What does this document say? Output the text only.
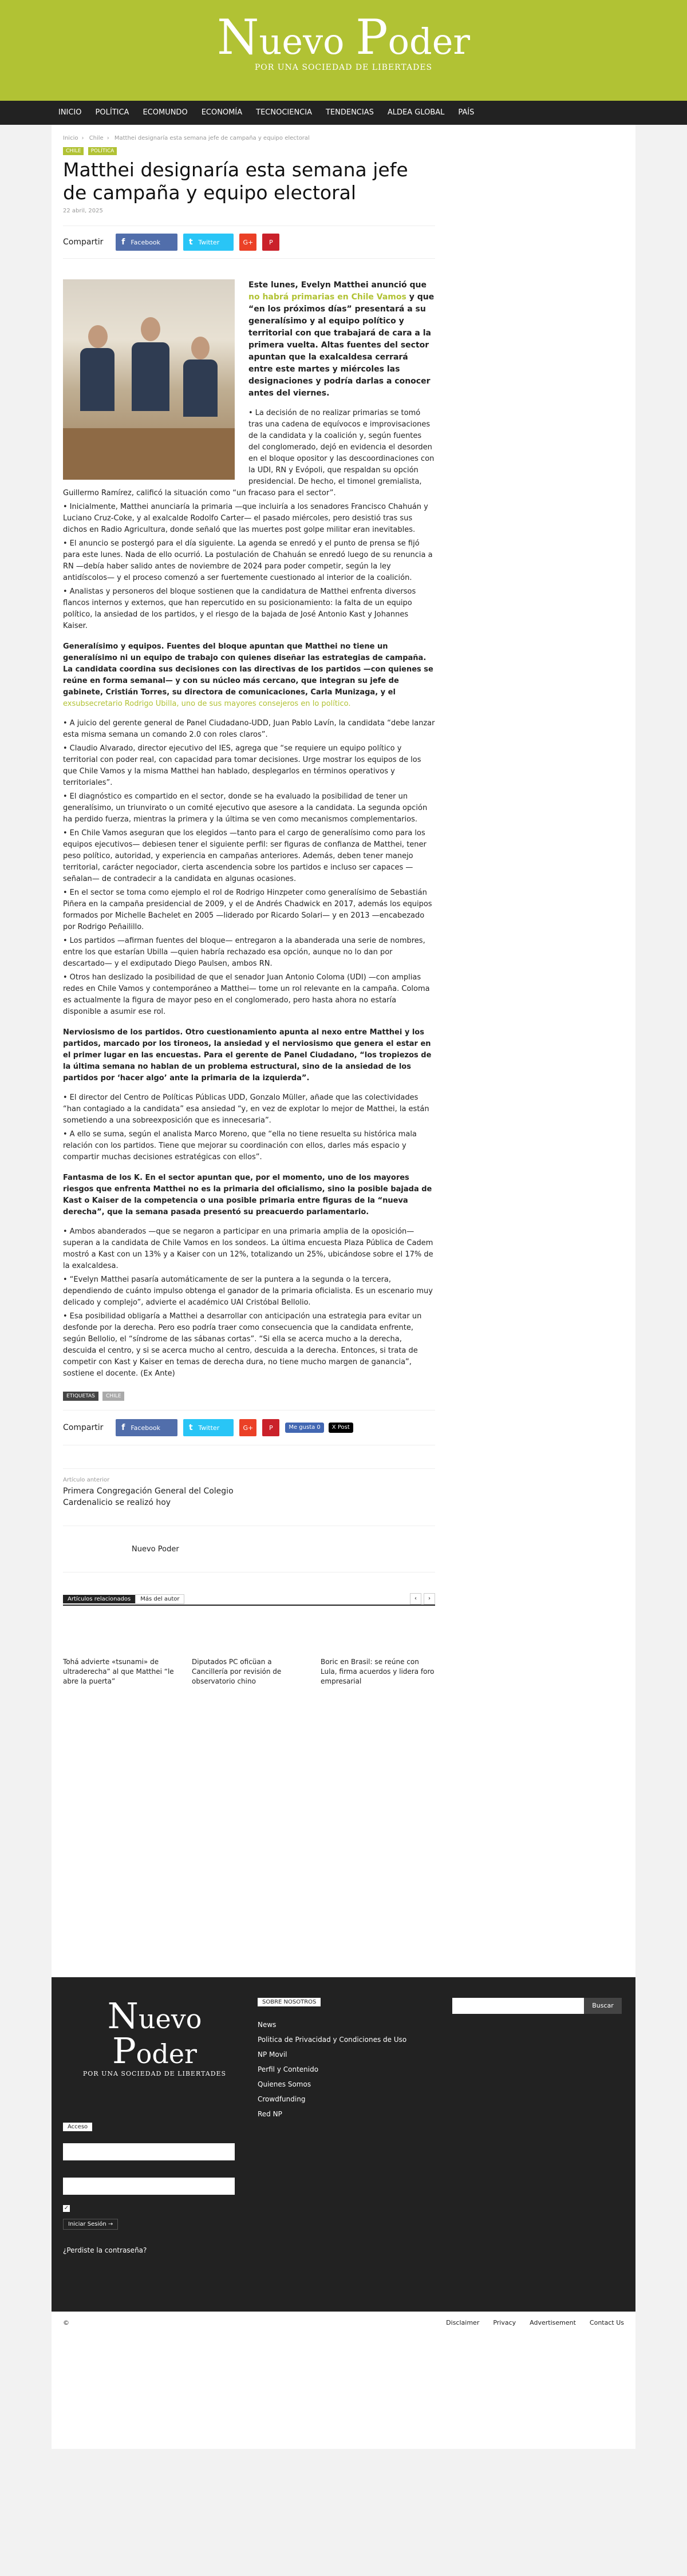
Nuevo Poder
POR UNA SOCIEDAD DE LIBERTADES
INICIO	POLÍTICA	ECOMUNDO	ECONOMÍA	TECNOCIENCIA	TENDENCIAS	ALDEA GLOBAL	PAÍS
Inicio › Chile › Matthei designaría esta semana jefe de campaña y equipo electoral
CHILE POLÍTICA
Matthei designaría esta semana jefe de campaña y equipo electoral
22 abril, 2025
Compartir	f Facebook	t Twitter	G+	P

Este lunes, Evelyn Matthei anunció que no habrá primarias en Chile Vamos y que “en los próximos días” presentará a su generalísimo y al equipo político y territorial con que trabajará de cara a la primera vuelta. Altas fuentes del sector apuntan que la exalcaldesa cerrará entre este martes y miércoles las designaciones y podría darlas a conocer antes del viernes.

• La decisión de no realizar primarias se tomó tras una cadena de equívocos e improvisaciones de la candidata y la coalición y, según fuentes del conglomerado, dejó en evidencia el desorden en el bloque opositor y las descoordinaciones con la UDI, RN y Evópoli, que respaldan su opción presidencial. De hecho, el timonel gremialista, Guillermo Ramírez, calificó la situación como “un fracaso para el sector”.
• Inicialmente, Matthei anunciaría la primaria —que incluiría a los senadores Francisco Chahuán y Luciano Cruz-Coke, y al exalcalde Rodolfo Carter— el pasado miércoles, pero desistió tras sus dichos en Radio Agricultura, donde señaló que las muertes post golpe militar eran inevitables.
• El anuncio se postergó para el día siguiente. La agenda se enredó y el punto de prensa se fijó para este lunes. Nada de ello ocurrió. La postulación de Chahuán se enredó luego de su renuncia a RN —debía haber salido antes de noviembre de 2024 para poder competir, según la ley antidíscolos— y el proceso comenzó a ser fuertemente cuestionado al interior de la coalición.
• Analistas y personeros del bloque sostienen que la candidatura de Matthei enfrenta diversos flancos internos y externos, que han repercutido en su posicionamiento: la falta de un equipo político, la ansiedad de los partidos, y el riesgo de la bajada de José Antonio Kast y Johannes Kaiser.

Generalísimo y equipos. Fuentes del bloque apuntan que Matthei no tiene un generalísimo ni un equipo de trabajo con quienes diseñar las estrategias de campaña. La candidata coordina sus decisiones con las directivas de los partidos —con quienes se reúne en forma semanal— y con su núcleo más cercano, que integran su jefe de gabinete, Cristián Torres, su directora de comunicaciones, Carla Munizaga, y el exsubsecretario Rodrigo Ubilla, uno de sus mayores consejeros en lo político.

• A juicio del gerente general de Panel Ciudadano-UDD, Juan Pablo Lavín, la candidata “debe lanzar esta misma semana un comando 2.0 con roles claros”.
• Claudio Alvarado, director ejecutivo del IES, agrega que “se requiere un equipo político y territorial con poder real, con capacidad para tomar decisiones. Urge mostrar los equipos de los que Chile Vamos y la misma Matthei han hablado, desplegarlos en términos operativos y territoriales”.
• El diagnóstico es compartido en el sector, donde se ha evaluado la posibilidad de tener un generalísimo, un triunvirato o un comité ejecutivo que asesore a la candidata. La segunda opción ha perdido fuerza, mientras la primera y la última se ven como mecanismos complementarios.
• En Chile Vamos aseguran que los elegidos —tanto para el cargo de generalísimo como para los equipos ejecutivos— debiesen tener el siguiente perfil: ser figuras de confianza de Matthei, tener peso político, autoridad, y experiencia en campañas anteriores. Además, deben tener manejo territorial, carácter negociador, cierta ascendencia sobre los partidos e incluso ser capaces —señalan— de contradecir a la candidata en algunas ocasiones.
• En el sector se toma como ejemplo el rol de Rodrigo Hinzpeter como generalísimo de Sebastián Piñera en la campaña presidencial de 2009, y el de Andrés Chadwick en 2017, además los equipos formados por Michelle Bachelet en 2005 —liderado por Ricardo Solari— y en 2013 —encabezado por Rodrigo Peñailillo.
• Los partidos —afirman fuentes del bloque— entregaron a la abanderada una serie de nombres, entre los que estarían Ubilla —quien habría rechazado esa opción, aunque no lo dan por descartado— y el exdiputado Diego Paulsen, ambos RN.
• Otros han deslizado la posibilidad de que el senador Juan Antonio Coloma (UDI) —con amplias redes en Chile Vamos y contemporáneo a Matthei— tome un rol relevante en la campaña. Coloma es actualmente la figura de mayor peso en el conglomerado, pero hasta ahora no estaría disponible a asumir ese rol.

Nerviosismo de los partidos. Otro cuestionamiento apunta al nexo entre Matthei y los partidos, marcado por los tironeos, la ansiedad y el nerviosismo que genera el estar en el primer lugar en las encuestas. Para el gerente de Panel Ciudadano, “los tropiezos de la última semana no hablan de un problema estructural, sino de la ansiedad de los partidos por ‘hacer algo’ ante la primaria de la izquierda”.

• El director del Centro de Políticas Públicas UDD, Gonzalo Müller, añade que las colectividades “han contagiado a la candidata” esa ansiedad “y, en vez de explotar lo mejor de Matthei, la están sometiendo a una sobreexposición que es innecesaria”.
• A ello se suma, según el analista Marco Moreno, que “ella no tiene resuelta su histórica mala relación con los partidos. Tiene que mejorar su coordinación con ellos, darles más espacio y compartir muchas decisiones estratégicas con ellos”.

Fantasma de los K. En el sector apuntan que, por el momento, uno de los mayores riesgos que enfrenta Matthei no es la primaria del oficialismo, sino la posible bajada de Kast o Kaiser de la competencia o una posible primaria entre figuras de la “nueva derecha”, que la semana pasada presentó su preacuerdo parlamentario.

• Ambos abanderados —que se negaron a participar en una primaria amplia de la oposición— superan a la candidata de Chile Vamos en los sondeos. La última encuesta Plaza Pública de Cadem mostró a Kast con un 13% y a Kaiser con un 12%, totalizando un 25%, ubicándose sobre el 17% de la exalcaldesa.
• “Evelyn Matthei pasaría automáticamente de ser la puntera a la segunda o la tercera, dependiendo de cuánto impulso obtenga el ganador de la primaria oficialista. Es un escenario muy delicado y complejo”, advierte el académico UAI Cristóbal Bellolio.
• Esa posibilidad obligaría a Matthei a desarrollar con anticipación una estrategia para evitar un desfonde por la derecha. Pero eso podría traer como consecuencia que la candidata enfrente, según Bellolio, el “síndrome de las sábanas cortas”. “Si ella se acerca mucho a la derecha, descuida el centro, y si se acerca mucho al centro, descuida a la derecha. Entonces, si trata de competir con Kast y Kaiser en temas de derecha dura, no tiene mucho margen de ganancia”, sostiene el docente. (Ex Ante)
ETIQUETAS CHILE
Compartir	f Facebook	t Twitter	G+	P	Me gusta 0	X Post
Artículo anterior
Primera Congregación General del Colegio Cardenalicio se realizó hoy
Nuevo Poder
Artículos relacionados	Más del autor	‹	›
Tohá advierte «tsunami» de ultraderecha” al que Matthei “le abre la puerta”
Diputados PC oficüan a Cancillería por revisión de observatorio chino
Boric en Brasil: se reúne con Lula, firma acuerdos y lidera foro empresarial
Nuevo Poder
POR UNA SOCIEDAD DE LIBERTADES
SOBRE NOSOTROS
News
Politica de Privacidad y Condiciones de Uso
NP Movil
Perfil y Contenido
Quienes Somos
Crowdfunding
Red NP
Buscar
Acceso
✓
Iniciar Sesión →
¿Perdiste la contraseña?
©	Disclaimer Privacy Advertisement Contact Us
